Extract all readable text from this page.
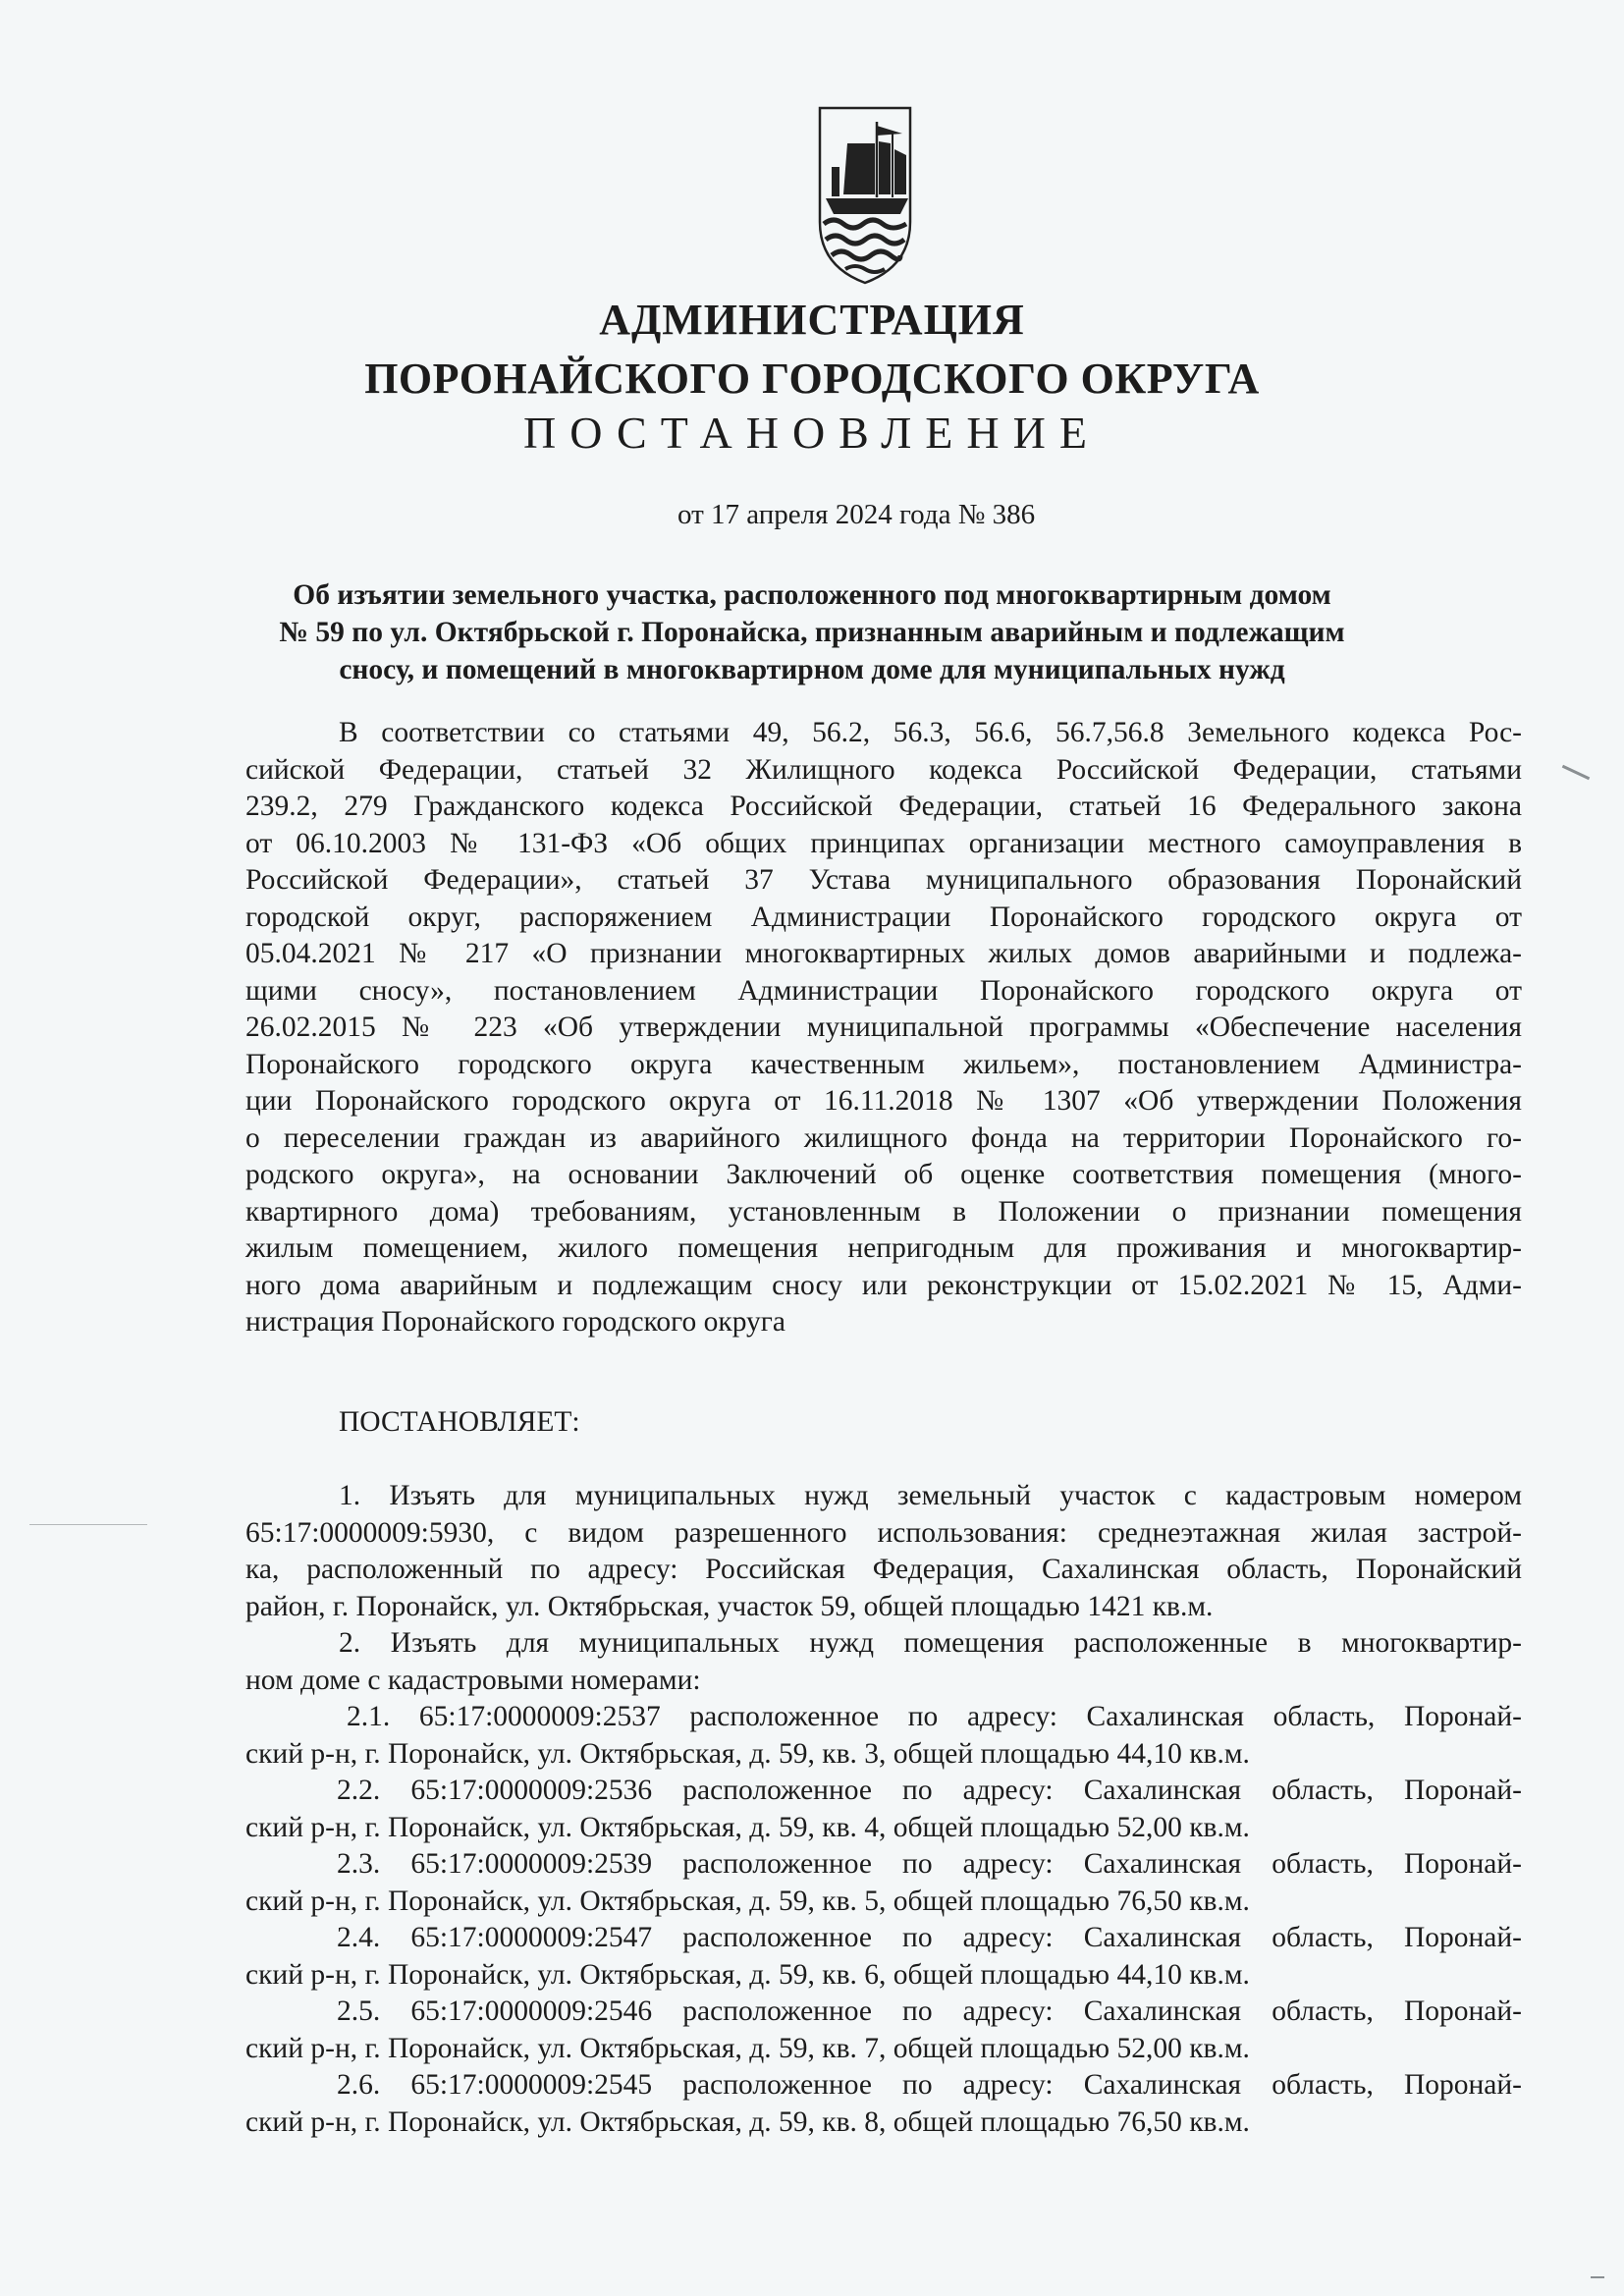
АДМИНИСТРАЦИЯ
ПОРОНАЙСКОГО ГОРОДСКОГО ОКРУГА
ПОСТАНОВЛЕНИЕ
от 17 апреля 2024 года № 386
Об изъятии земельного участка, расположенного под многоквартирным домом
№ 59 по ул. Октябрьской г. Поронайска, признанным аварийным и подлежащим
сносу, и помещений в многоквартирном доме для муниципальных нужд
В соответствии со статьями 49, 56.2, 56.3, 56.6, 56.7,56.8 Земельного кодекса Рос-
сийской Федерации, статьей 32 Жилищного кодекса Российской Федерации, статьями
239.2, 279 Гражданского кодекса Российской Федерации, статьей 16 Федерального закона
от 06.10.2003 № 131-ФЗ «Об общих принципах организации местного самоуправления в
Российской Федерации», статьей 37 Устава муниципального образования Поронайский
городской округ, распоряжением Администрации Поронайского городского округа от
05.04.2021 № 217 «О признании многоквартирных жилых домов аварийными и подлежа-
щими сносу», постановлением Администрации Поронайского городского округа от
26.02.2015 № 223 «Об утверждении муниципальной программы «Обеспечение населения
Поронайского городского округа качественным жильем», постановлением Администра-
ции Поронайского городского округа от 16.11.2018 № 1307 «Об утверждении Положения
о переселении граждан из аварийного жилищного фонда на территории Поронайского го-
родского округа», на основании Заключений об оценке соответствия помещения (много-
квартирного дома) требованиям, установленным в Положении о признании помещения
жилым помещением, жилого помещения непригодным для проживания и многоквартир-
ного дома аварийным и подлежащим сносу или реконструкции от 15.02.2021 № 15, Адми-
нистрация Поронайского городского округа
ПОСТАНОВЛЯЕТ:
1. Изъять для муниципальных нужд земельный участок с кадастровым номером
65:17:0000009:5930, с видом разрешенного использования: среднеэтажная жилая застрой-
ка, расположенный по адресу: Российская Федерация, Сахалинская область, Поронайский
район, г. Поронайск, ул. Октябрьская, участок 59, общей площадью 1421 кв.м.
2. Изъять для муниципальных нужд помещения расположенные в многоквартир-
ном доме с кадастровыми номерами:
2.1. 65:17:0000009:2537 расположенное по адресу: Сахалинская область, Поронай-
ский р-н, г. Поронайск, ул. Октябрьская, д. 59, кв. 3, общей площадью 44,10 кв.м.
2.2. 65:17:0000009:2536 расположенное по адресу: Сахалинская область, Поронай-
ский р-н, г. Поронайск, ул. Октябрьская, д. 59, кв. 4, общей площадью 52,00 кв.м.
2.3. 65:17:0000009:2539 расположенное по адресу: Сахалинская область, Поронай-
ский р-н, г. Поронайск, ул. Октябрьская, д. 59, кв. 5, общей площадью 76,50 кв.м.
2.4. 65:17:0000009:2547 расположенное по адресу: Сахалинская область, Поронай-
ский р-н, г. Поронайск, ул. Октябрьская, д. 59, кв. 6, общей площадью 44,10 кв.м.
2.5. 65:17:0000009:2546 расположенное по адресу: Сахалинская область, Поронай-
ский р-н, г. Поронайск, ул. Октябрьская, д. 59, кв. 7, общей площадью 52,00 кв.м.
2.6. 65:17:0000009:2545 расположенное по адресу: Сахалинская область, Поронай-
ский р-н, г. Поронайск, ул. Октябрьская, д. 59, кв. 8, общей площадью 76,50 кв.м.
